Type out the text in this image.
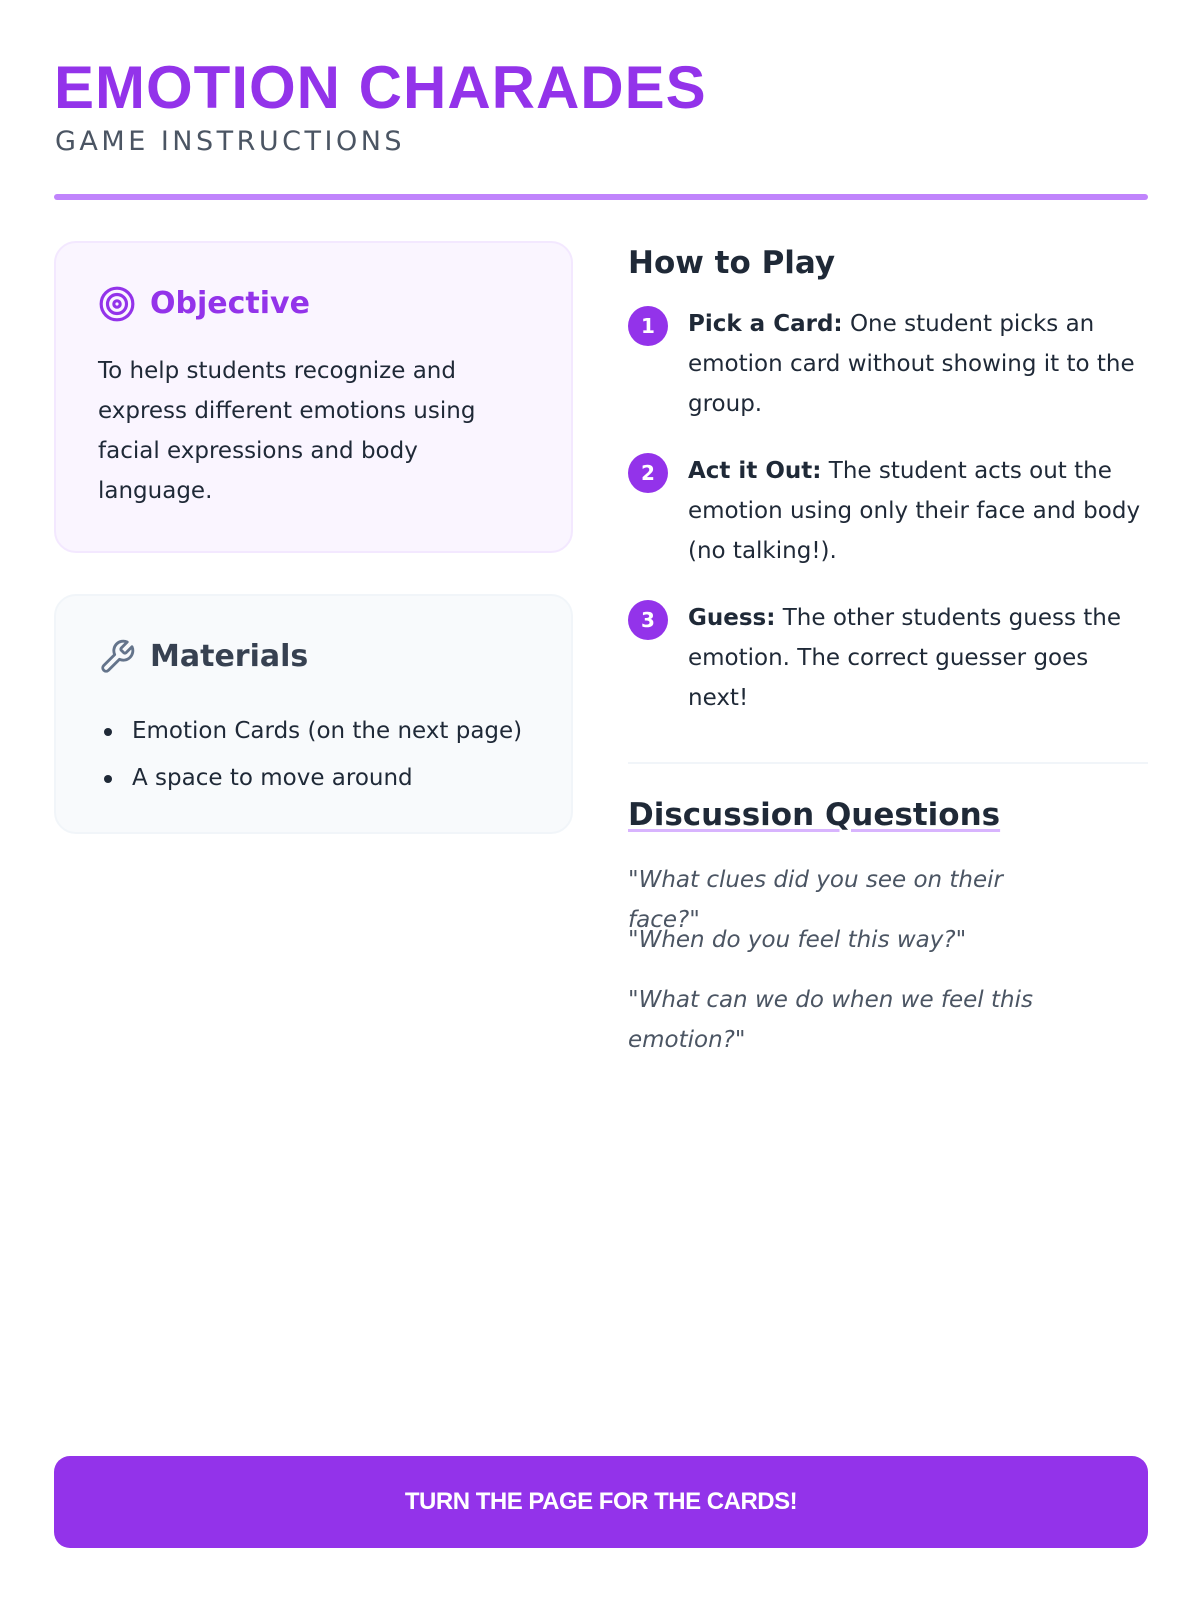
EMOTION CHARADES
GAME INSTRUCTIONS
Objective

To help students recognize and express different emotions using facial expressions and body language.

Materials
Emotion Cards (on the next page)
A space to move around
How to Play
1	Pick a Card: One student picks an emotion card without showing it to the group.

2	Act it Out: The student acts out the emotion using only their face and body (no talking!).

3	Guess: The other students guess the emotion. The correct guesser goes next!

Discussion Questions

"What clues did you see on their face?"

"When do you feel this way?"

"What can we do when we feel this emotion?"

TURN THE PAGE FOR THE CARDS!
